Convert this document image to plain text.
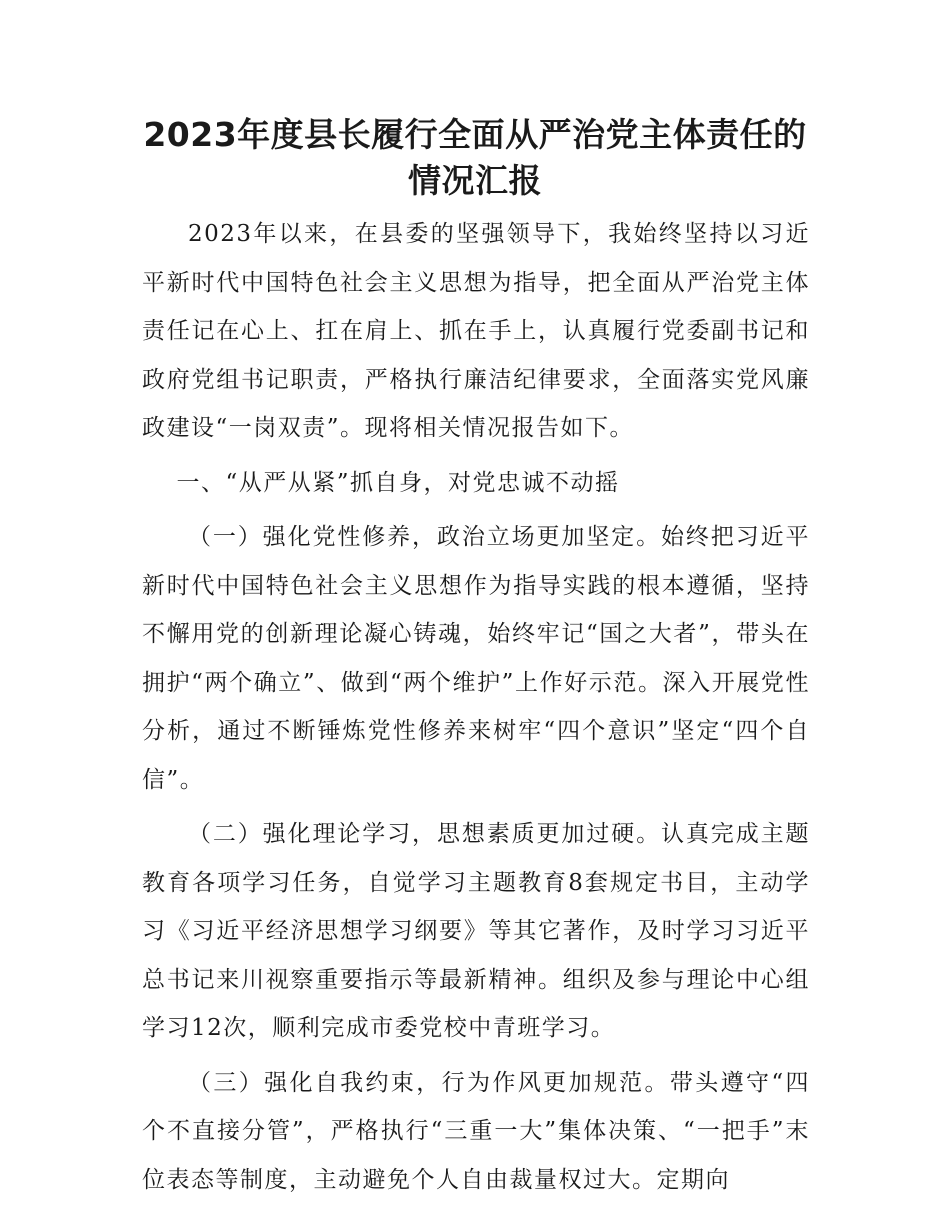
2023年度县长履行全面从严治党主体责任的情况汇报

2023年以来，在县委的坚强领导下，我始终坚持以习近平新时代中国特色社会主义思想为指导，把全面从严治党主体责任记在心上、扛在肩上、抓在手上，认真履行党委副书记和政府党组书记职责，严格执行廉洁纪律要求，全面落实党风廉政建设“一岗双责”。现将相关情况报告如下。

一、“从严从紧”抓自身，对党忠诚不动摇

（一）强化党性修养，政治立场更加坚定。始终把习近平新时代中国特色社会主义思想作为指导实践的根本遵循，坚持不懈用党的创新理论凝心铸魂，始终牢记“国之大者”，带头在拥护“两个确立”、做到“两个维护”上作好示范。深入开展党性分析，通过不断锤炼党性修养来树牢“四个意识”坚定“四个自信”。

（二）强化理论学习，思想素质更加过硬。认真完成主题教育各项学习任务，自觉学习主题教育8套规定书目，主动学习《习近平经济思想学习纲要》等其它著作，及时学习习近平总书记来川视察重要指示等最新精神。组织及参与理论中心组学习12次，顺利完成市委党校中青班学习。

（三）强化自我约束，行为作风更加规范。带头遵守“四个不直接分管”，严格执行“三重一大”集体决策、“一把手”末位表态等制度，主动避免个人自由裁量权过大。定期向
